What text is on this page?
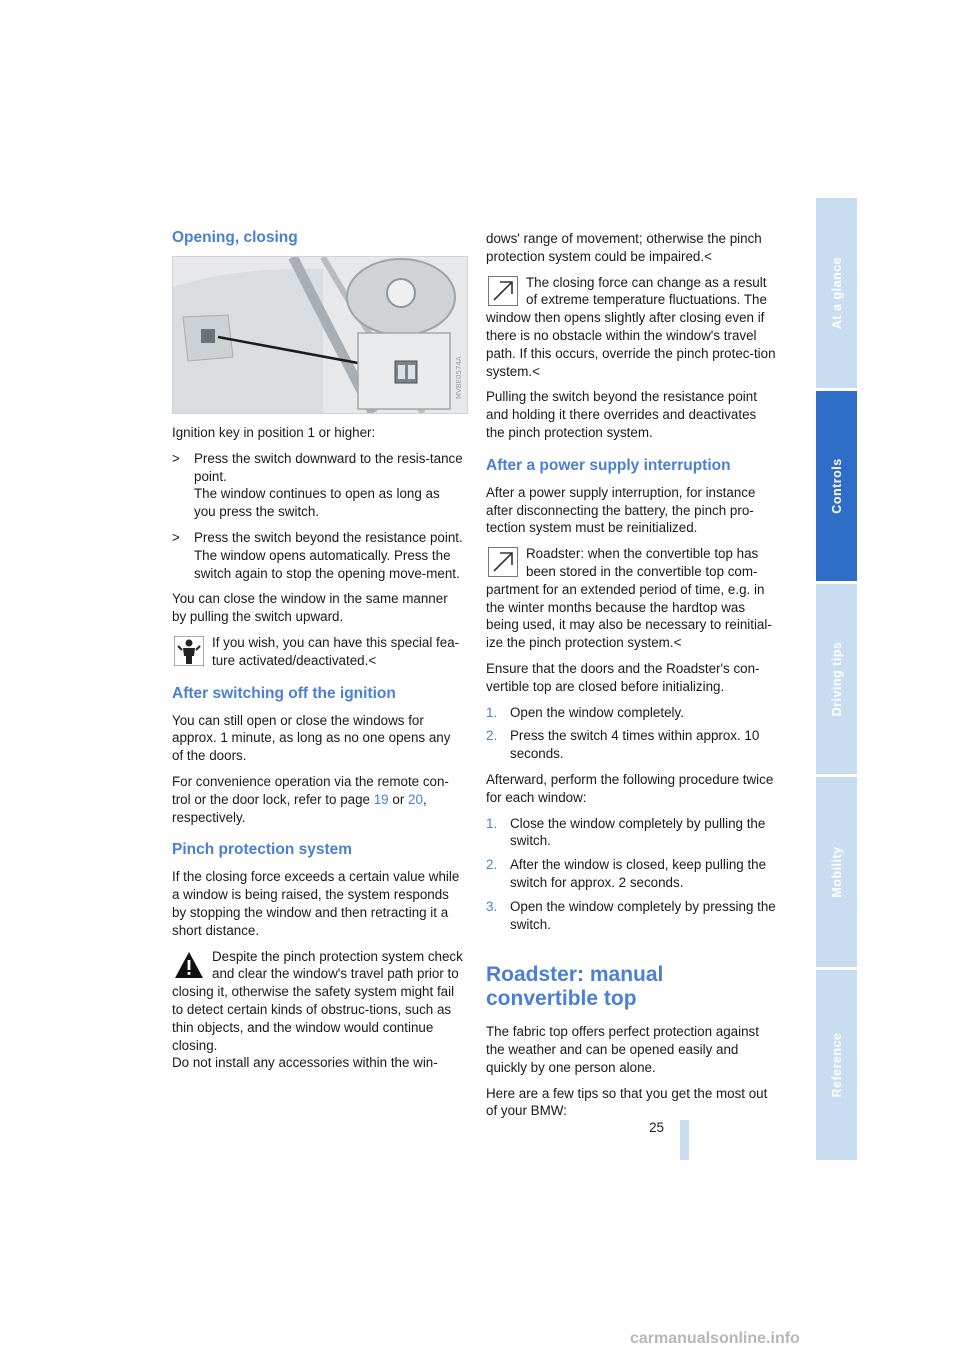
At a glance
Controls
Driving tips
Mobility
Reference
Opening, closing
MVBE0574A

Ignition key in position 1 or higher:

>	Press the switch downward to the resis-tance point.
The window continues to open as long as you press the switch.
>	Press the switch beyond the resistance point.
The window opens automatically. Press the switch again to stop the opening move-ment.

You can close the window in the same manner by pulling the switch upward.

If you wish, you can have this special fea-ture activated/deactivated.<
After switching off the ignition

You can still open or close the windows for approx. 1 minute, as long as no one opens any of the doors.

For convenience operation via the remote con-trol or the door lock, refer to page 19 or 20, respectively.

Pinch protection system

If the closing force exceeds a certain value while a window is being raised, the system responds by stopping the window and then retracting it a short distance.

Despite the pinch protection system check and clear the window's travel path prior to closing it, otherwise the safety system might fail to detect certain kinds of obstruc-tions, such as thin objects, and the window would continue closing.
Do not install any accessories within the win-

dows' range of movement; otherwise the pinch protection system could be impaired.<

The closing force can change as a result of extreme temperature fluctuations. The window then opens slightly after closing even if there is no obstacle within the window's travel path. If this occurs, override the pinch protec-tion system.<

Pulling the switch beyond the resistance point and holding it there overrides and deactivates the pinch protection system.

After a power supply interruption

After a power supply interruption, for instance after disconnecting the battery, the pinch pro-tection system must be reinitialized.

Roadster: when the convertible top has been stored in the convertible top com-partment for an extended period of time, e.g. in the winter months because the hardtop was being used, it may also be necessary to reinitial-ize the pinch protection system.<

Ensure that the doors and the Roadster's con-vertible top are closed before initializing.

1. Open the window completely.
2. Press the switch 4 times within approx. 10 seconds.

Afterward, perform the following procedure twice for each window:

1. Close the window completely by pulling the switch.
2. After the window is closed, keep pulling the switch for approx. 2 seconds.
3. Open the window completely by pressing the switch.
Roadster: manual convertible top

The fabric top offers perfect protection against the weather and can be opened easily and quickly by one person alone.

Here are a few tips so that you get the most out of your BMW:

25
carmanualsonline.info
